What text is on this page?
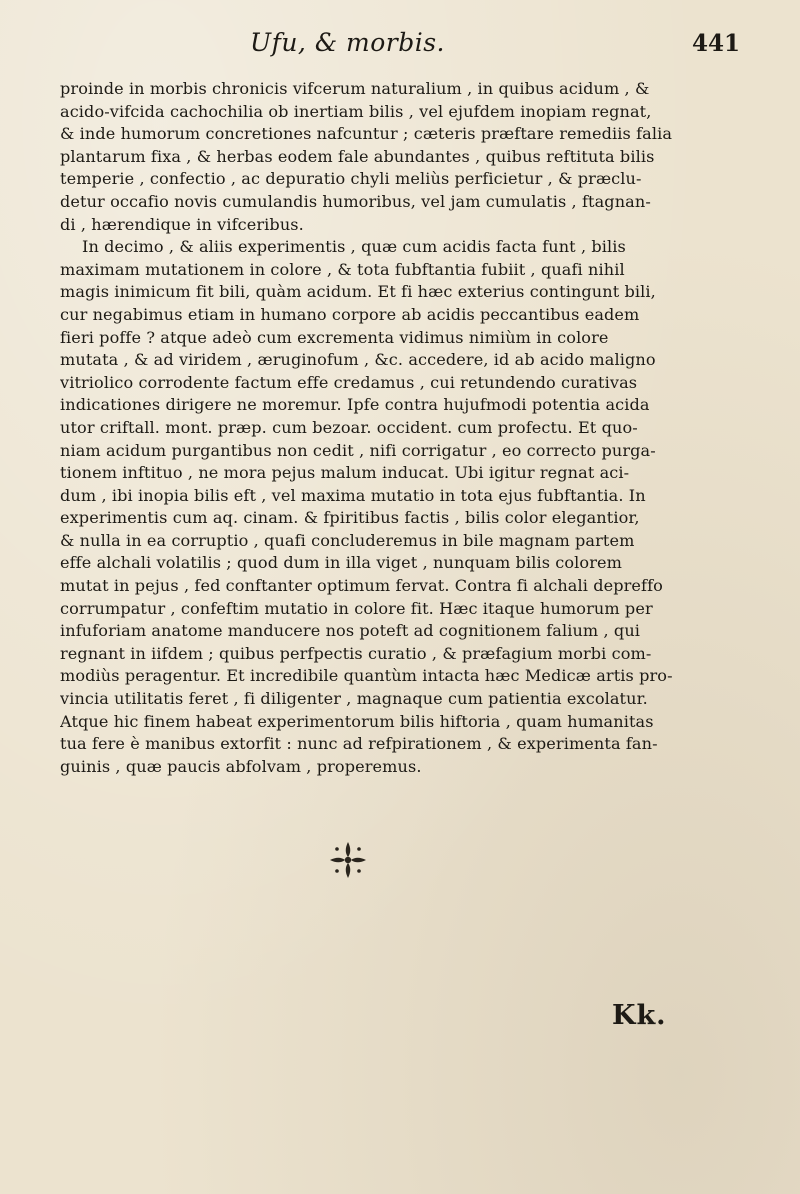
Ufu, & morbis.	441
proinde in morbis chronicis vifcerum naturalium , in quibus acidum , &
acido-vifcida cachochilia ob inertiam bilis , vel ejufdem inopiam regnat,
& inde humorum concretiones nafcuntur ; cæteris præftare remediis falia
plantarum fixa , & herbas eodem fale abundantes , quibus reftituta bilis
temperie , confectio , ac depuratio chyli meliùs perficietur , & præclu-
detur occafio novis cumulandis humoribus, vel jam cumulatis , ftagnan-
di , hærendique in vifceribus.
In decimo , & aliis experimentis , quæ cum acidis facta funt , bilis
maximam mutationem in colore , & tota fubftantia fubiit , quafi nihil
magis inimicum fit bili, quàm acidum. Et fi hæc exterius contingunt bili,
cur negabimus etiam in humano corpore ab acidis peccantibus eadem
fieri poffe ? atque adeò cum excrementa vidimus nimiùm in colore
mutata , & ad viridem , æruginofum , &c. accedere, id ab acido maligno
vitriolico corrodente factum effe credamus , cui retundendo curativas
indicationes dirigere ne moremur. Ipfe contra hujufmodi potentia acida
utor criftall. mont. præp. cum bezoar. occident. cum profectu. Et quo-
niam acidum purgantibus non cedit , nifi corrigatur , eo correcto purga-
tionem inftituo , ne mora pejus malum inducat. Ubi igitur regnat aci-
dum , ibi inopia bilis eft , vel maxima mutatio in tota ejus fubftantia. In
experimentis cum aq. cinam. & fpiritibus factis , bilis color elegantior,
& nulla in ea corruptio , quafi concluderemus in bile magnam partem
effe alchali volatilis ; quod dum in illa viget , nunquam bilis colorem
mutat in pejus , fed conftanter optimum fervat. Contra fi alchali depreffo
corrumpatur , confeftim mutatio in colore fit. Hæc itaque humorum per
infuforiam anatome manducere nos poteft ad cognitionem falium , qui
regnant in iifdem ; quibus perfpectis curatio , & præfagium morbi com-
modiùs peragentur. Et incredibile quantùm intacta hæc Medicæ artis pro-
vincia utilitatis feret , fi diligenter , magnaque cum patientia excolatur.
Atque hic finem habeat experimentorum bilis hiftoria , quam humanitas
tua fere è manibus extorfit : nunc ad refpirationem , & experimenta fan-
guinis , quæ paucis abfolvam , properemus.
Kk.
